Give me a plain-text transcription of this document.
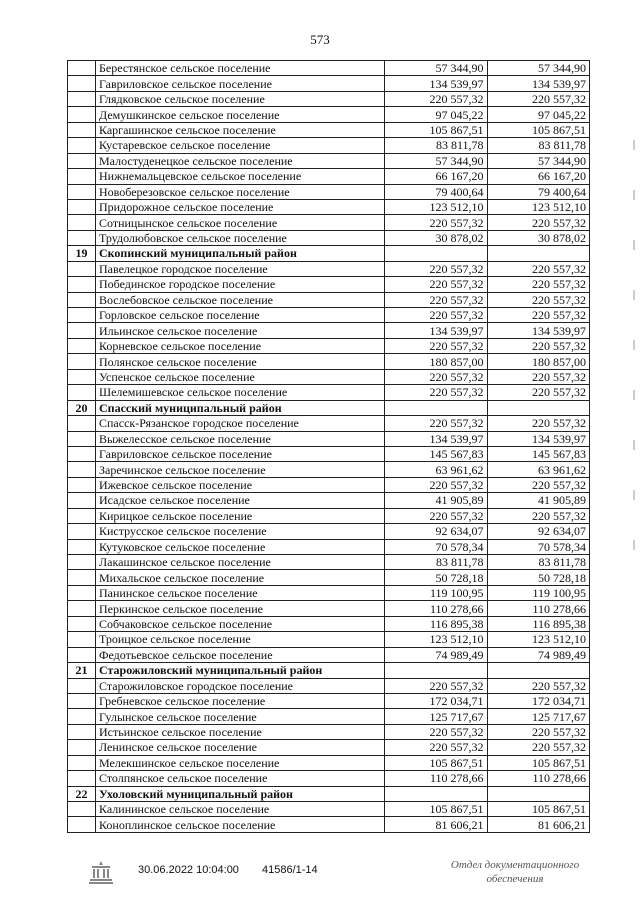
573
	Берестянское сельское поселение	57 344,90	57 344,90
	Гавриловское сельское поселение	134 539,97	134 539,97
	Глядковское сельское поселение	220 557,32	220 557,32
	Демушкинское сельское поселение	97 045,22	97 045,22
	Каргашинское сельское поселение	105 867,51	105 867,51
	Кустаревское сельское поселение	83 811,78	83 811,78
	Малостуденецкое сельское поселение	57 344,90	57 344,90
	Нижнемальцевское сельское поселение	66 167,20	66 167,20
	Новоберезовское сельское поселение	79 400,64	79 400,64
	Придорожное сельское поселение	123 512,10	123 512,10
	Сотницынское сельское поселение	220 557,32	220 557,32
	Трудолюбовское сельское поселение	30 878,02	30 878,02
19	Скопинский муниципальный район		
	Павелецкое городское поселение	220 557,32	220 557,32
	Побединское городское поселение	220 557,32	220 557,32
	Вослебовское сельское поселение	220 557,32	220 557,32
	Горловское сельское поселение	220 557,32	220 557,32
	Ильинское сельское поселение	134 539,97	134 539,97
	Корневское сельское поселение	220 557,32	220 557,32
	Полянское сельское поселение	180 857,00	180 857,00
	Успенское сельское поселение	220 557,32	220 557,32
	Шелемишевское сельское поселение	220 557,32	220 557,32
20	Спасский муниципальный район		
	Спасск-Рязанское городское поселение	220 557,32	220 557,32
	Выжелесское сельское поселение	134 539,97	134 539,97
	Гавриловское сельское поселение	145 567,83	145 567,83
	Заречинское сельское поселение	63 961,62	63 961,62
	Ижевское сельское поселение	220 557,32	220 557,32
	Исадское сельское поселение	41 905,89	41 905,89
	Кирицкое сельское поселение	220 557,32	220 557,32
	Киструсское сельское поселение	92 634,07	92 634,07
	Кутуковское сельское поселение	70 578,34	70 578,34
	Лакашинское сельское поселение	83 811,78	83 811,78
	Михальское сельское поселение	50 728,18	50 728,18
	Панинское сельское поселение	119 100,95	119 100,95
	Перкинское сельское поселение	110 278,66	110 278,66
	Собчаковское сельское поселение	116 895,38	116 895,38
	Троицкое сельское поселение	123 512,10	123 512,10
	Федотьевское сельское поселение	74 989,49	74 989,49
21	Старожиловский муниципальный район		
	Старожиловское городское поселение	220 557,32	220 557,32
	Гребневское сельское поселение	172 034,71	172 034,71
	Гулынское сельское поселение	125 717,67	125 717,67
	Истьинское сельское поселение	220 557,32	220 557,32
	Ленинское сельское поселение	220 557,32	220 557,32
	Мелекшинское сельское поселение	105 867,51	105 867,51
	Столпянское сельское поселение	110 278,66	110 278,66
22	Ухоловский муниципальный район		
	Калининское сельское поселение	105 867,51	105 867,51
	Коноплинское сельское поселение	81 606,21	81 606,21
30.06.2022 10:04:00 41586/1-14	Отдел документационного
обеспечения
